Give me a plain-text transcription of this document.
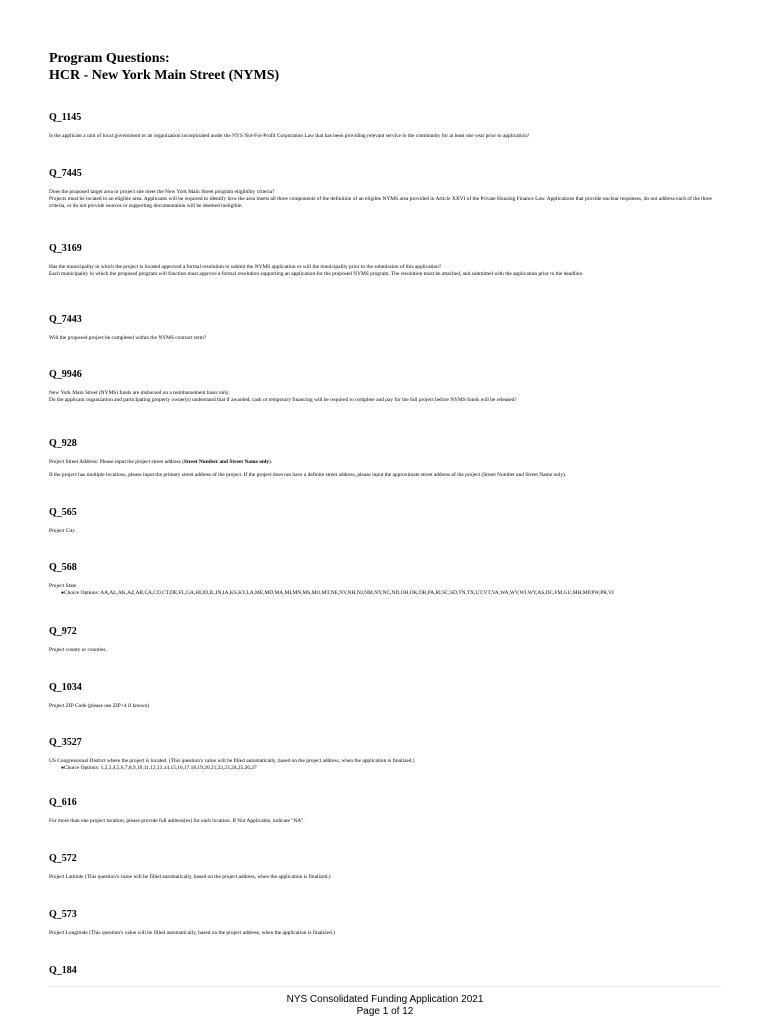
Program Questions:
HCR - New York Main Street (NYMS)
Q_1145
Is the applicant a unit of local government or an organization incorporated under the NYS Not-For-Profit Corporation Law that has been providing relevant service to the community for at least one year prior to application?
Q_7445
Does the proposed target area or project site meet the New York Main Street program eligibility criteria?
Projects must be located in an eligible area. Applicants will be required to identify how the area meets all three components of the definition of an eligible NYMS area provided in Article XXVI of the Private Housing Finance Law. Applications that provide unclear responses, do not address each of the three criteria, or do not provide sources or supporting documentation will be deemed ineligible.
Q_3169
Has the municipality in which the project is located approved a formal resolution to submit the NYMS application or will the municipality prior to the submission of this application?
Each municipality in which the proposed program will function must approve a formal resolution supporting an application for the proposed NYMS program. The resolution must be attached, and submitted with the application prior to the deadline.
Q_7443
Will the proposed project be completed within the NYMS contract term?
Q_9946
New York Main Street (NYMS) funds are disbursed on a reimbursement basis only.
Do the applicant organization and participating property owner(s) understand that if awarded, cash or temporary financing will be required to complete and pay for the full project before NYMS funds will be released?
Q_928
Project Street Address: Please input the project street address (Street Number and Street Name only).
If the project has multiple locations, please input the primary street address of the project. If the project does not have a definite street address, please input the approximate street address of the project (Street Number and Street Name only).
Q_565
Project City
Q_568
Project State
●Choice Options: AA,AL,AK,AZ,AR,CA,CO,CT,DE,FL,GA,HI,ID,IL,IN,IA,KS,KY,LA,ME,MD,MA,MI,MN,MS,MO,MT,NE,NV,NH,NJ,NM,NY,NC,ND,OH,OK,OR,PA,RI,SC,SD,TN,TX,UT,VT,VA,WA,WV,WI,WY,AS,DC,FM,GU,MH,MP,PW,PR,VI
Q_972
Project county or counties.
Q_1034
Project ZIP Code (please use ZIP+4 if known)
Q_3527
US Congressional District where the project is located. (This question's value will be filled automatically, based on the project address, when the application is finalized.)
●Choice Options: 1,2,3,4,5,6,7,8,9,10,11,12,13,14,15,16,17,18,19,20,21,22,23,24,25,26,27
Q_616
For more than one project location, please provide full address(es) for each location. If Not Applicable, indicate "NA".
Q_572
Project Latitude (This question's value will be filled automatically, based on the project address, when the application is finalized.)
Q_573
Project Longitude (This question's value will be filled automatically, based on the project address, when the application is finalized.)
Q_184
NYS Consolidated Funding Application 2021
Page 1 of 12
